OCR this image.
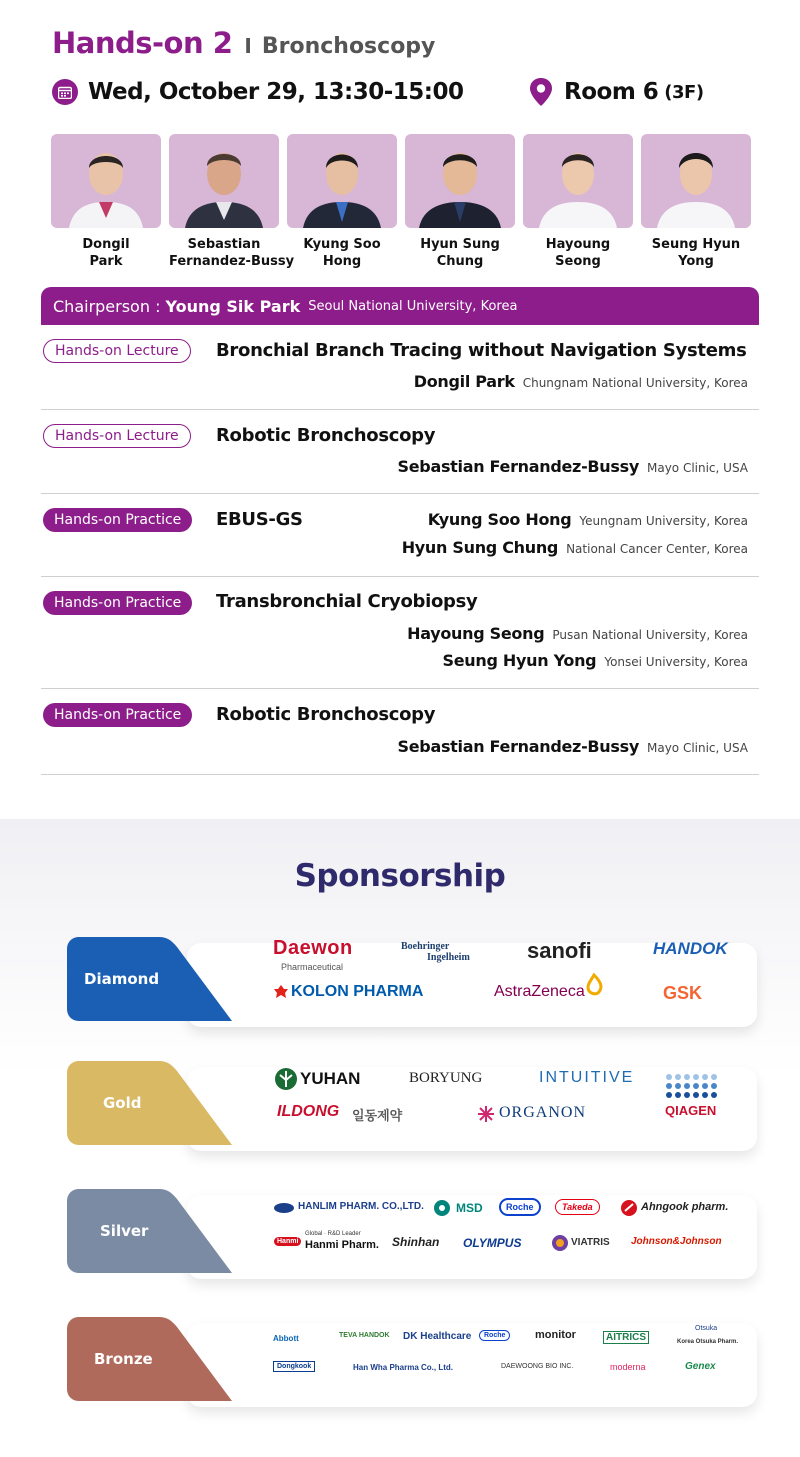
Hands-on 2 I Bronchoscopy
Wed, October 29, 13:30-15:00	Room 6 (3F)
Dongil
Park
Sebastian
Fernandez-Bussy
Kyung Soo
Hong
Hyun Sung
Chung
Hayoung
Seong
Seung Hyun
Yong
Chairperson : Young Sik Park Seoul National University, Korea
Hands-on Lecture	Bronchial Branch Tracing without Navigation Systems
Dongil Park Chungnam National University, Korea
Hands-on Lecture	Robotic Bronchoscopy
Sebastian Fernandez-Bussy Mayo Clinic, USA
Hands-on Practice	EBUS-GS	Kyung Soo Hong Yeungnam University, Korea
Hyun Sung Chung National Cancer Center, Korea
Hands-on Practice	Transbronchial Cryobiopsy
Hayoung Seong Pusan National University, Korea
Seung Hyun Yong Yonsei University, Korea
Hands-on Practice	Robotic Bronchoscopy
Sebastian Fernandez-Bussy Mayo Clinic, USA
Sponsorship
Diamond
Daewon
Pharmaceutical
Boehringer
Ingelheim	sanofi	HANDOK
KOLON PHARMA	AstraZeneca	GSK
Gold
YUHAN	BORYUNG	INTUITIVE
QIAGEN
ILDONG 일동제약	ORGANON
Silver
HANLIM PHARM. CO.,LTD.	MSD	Roche	Takeda	Ahngook pharm.
Hanmi
Global · R&D Leader
Hanmi Pharm. Shinhan OLYMPUS	VIATRIS Johnson&Johnson
Bronze
Abbott	TEVA HANDOK DK Healthcare	Roche	monitor	AITRICS
Otsuka
Korea Otsuka Pharm.
Dongkook	Han Wha Pharma Co., Ltd.	DAEWOONG BIO INC.	moderna	Genex
